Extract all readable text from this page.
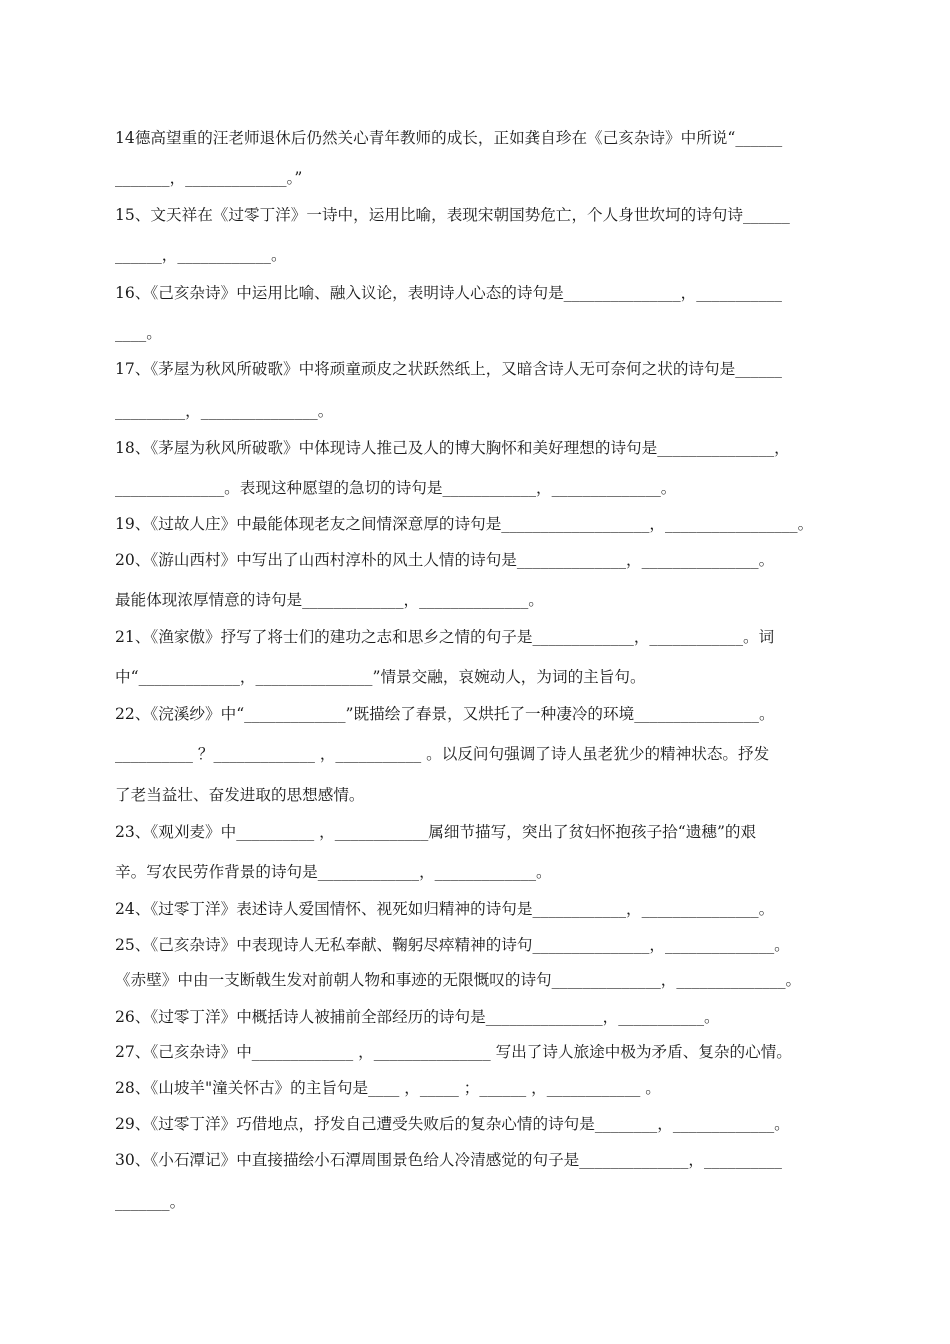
14德高望重的汪老师退休后仍然关心青年教师的成长，正如龚自珍在《己亥杂诗》中所说“______
_______，_____________。”
15、文天祥在《过零丁洋》一诗中，运用比喻，表现宋朝国势危亡，个人身世坎坷的诗句诗______
______，____________。
16、《己亥杂诗》中运用比喻、融入议论，表明诗人心态的诗句是_______________，___________
____。
17、《茅屋为秋风所破歌》中将顽童顽皮之状跃然纸上，又暗含诗人无可奈何之状的诗句是______
_________，_______________。
18、《茅屋为秋风所破歌》中体现诗人推己及人的博大胸怀和美好理想的诗句是_______________，
______________。表现这种愿望的急切的诗句是____________，______________。
19、《过故人庄》中最能体现老友之间情深意厚的诗句是___________________，_________________。
20、《游山西村》中写出了山西村淳朴的风土人情的诗句是______________，_______________。
最能体现浓厚情意的诗句是_____________，______________。
21、《渔家傲》抒写了将士们的建功之志和思乡之情的句子是_____________，____________。词
中“_____________，_______________”情景交融，哀婉动人，为词的主旨句。
22、《浣溪纱》中“_____________”既描绘了春景，又烘托了一种凄冷的环境________________。
__________ ？_____________ ，___________ 。以反问句强调了诗人虽老犹少的精神状态。抒发
了老当益壮、奋发进取的思想感情。
23、《观刈麦》中__________ ，____________属细节描写，突出了贫妇怀抱孩子拾“遗穗”的艰
辛。写农民劳作背景的诗句是_____________，_____________。
24、《过零丁洋》表述诗人爱国情怀、视死如归精神的诗句是____________，_______________。
25、《己亥杂诗》中表现诗人无私奉献、鞠躬尽瘁精神的诗句_______________，______________。
《赤壁》中由一支断戟生发对前朝人物和事迹的无限慨叹的诗句______________，______________。
26、《过零丁洋》中概括诗人被捕前全部经历的诗句是_______________，___________。
27、《己亥杂诗》中_____________ ，_______________ 写出了诗人旅途中极为矛盾、复杂的心情。
28、《山坡羊"潼关怀古》的主旨句是____ ，_____ ；______ ，____________ 。
29、《过零丁洋》巧借地点，抒发自己遭受失败后的复杂心情的诗句是________，_____________。
30、《小石潭记》中直接描绘小石潭周围景色给人冷清感觉的句子是______________，__________
_______。
